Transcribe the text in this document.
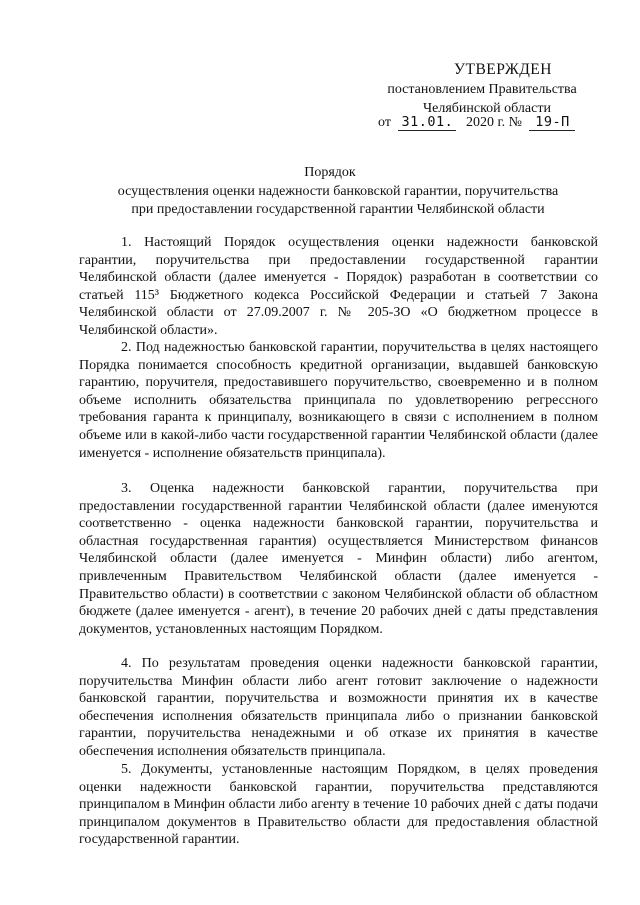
УТВЕРЖДЕН
постановлением Правительства
Челябинской области
от 31.01. 2020 г. № 19-П
Порядок
осуществления оценки надежности банковской гарантии, поручительства
при предоставлении государственной гарантии Челябинской области
1. Настоящий Порядок осуществления оценки надежности банковской гарантии, поручительства при предоставлении государственной гарантии Челябинской области (далее именуется - Порядок) разработан в соответствии со статьей 115³ Бюджетного кодекса Российской Федерации и статьей 7 Закона Челябинской области от 27.09.2007 г. № 205-ЗО «О бюджетном процессе в Челябинской области».
2. Под надежностью банковской гарантии, поручительства в целях настоящего Порядка понимается способность кредитной организации, выдавшей банковскую гарантию, поручителя, предоставившего поручительство, своевременно и в полном объеме исполнить обязательства принципала по удовлетворению регрессного требования гаранта к принципалу, возникающего в связи с исполнением в полном объеме или в какой-либо части государственной гарантии Челябинской области (далее именуется - исполнение обязательств принципала).
3. Оценка надежности банковской гарантии, поручительства при предоставлении государственной гарантии Челябинской области (далее именуются соответственно - оценка надежности банковской гарантии, поручительства и областная государственная гарантия) осуществляется Министерством финансов Челябинской области (далее именуется - Минфин области) либо агентом, привлеченным Правительством Челябинской области (далее именуется - Правительство области) в соответствии с законом Челябинской области об областном бюджете (далее именуется - агент), в течение 20 рабочих дней с даты представления документов, установленных настоящим Порядком.
4. По результатам проведения оценки надежности банковской гарантии, поручительства Минфин области либо агент готовит заключение о надежности банковской гарантии, поручительства и возможности принятия их в качестве обеспечения исполнения обязательств принципала либо о признании банковской гарантии, поручительства ненадежными и об отказе их принятия в качестве обеспечения исполнения обязательств принципала.
5. Документы, установленные настоящим Порядком, в целях проведения оценки надежности банковской гарантии, поручительства представляются принципалом в Минфин области либо агенту в течение 10 рабочих дней с даты подачи принципалом документов в Правительство области для предоставления областной государственной гарантии.
